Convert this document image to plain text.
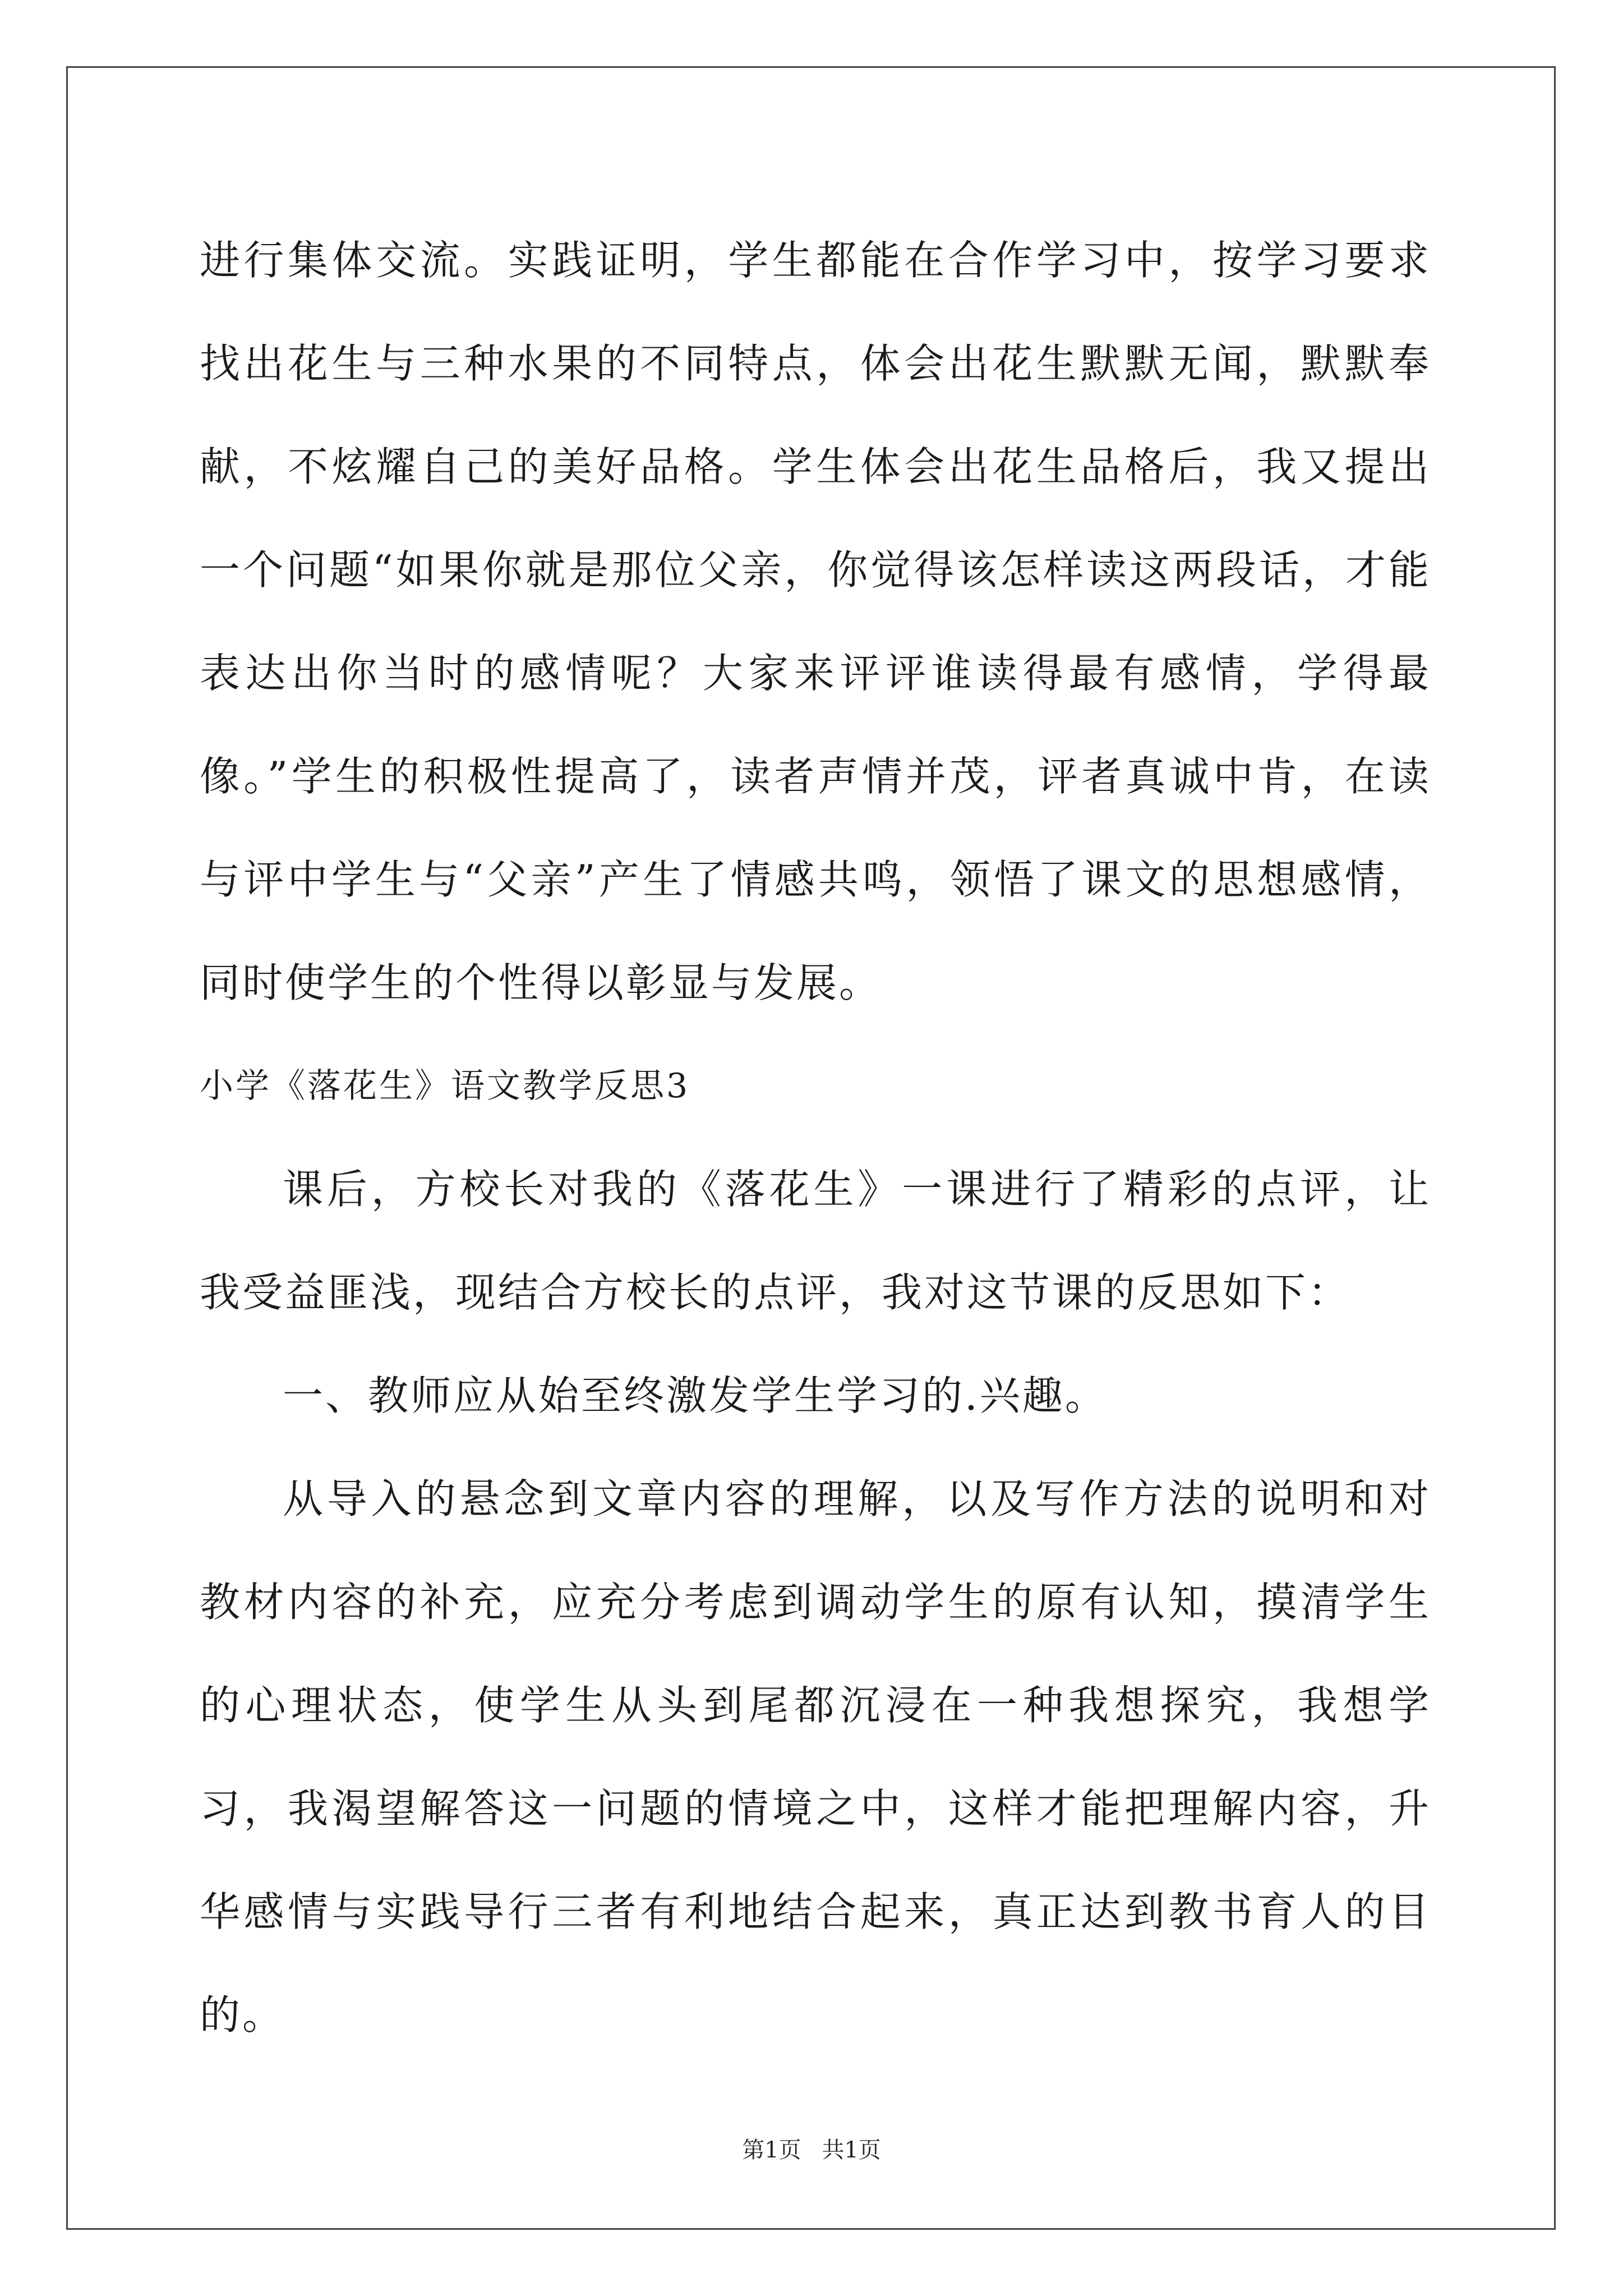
进行集体交流。实践证明，学生都能在合作学习中，按学习要求找出花生与三种水果的不同特点，体会出花生默默无闻，默默奉献，不炫耀自己的美好品格。学生体会出花生品格后，我又提出一个问题“如果你就是那位父亲，你觉得该怎样读这两段话，才能表达出你当时的感情呢？大家来评评谁读得最有感情，学得最像。”学生的积极性提高了，读者声情并茂，评者真诚中肯，在读与评中学生与“父亲”产生了情感共鸣，领悟了课文的思想感情，同时使学生的个性得以彰显与发展。

小学《落花生》语文教学反思3

课后，方校长对我的《落花生》一课进行了精彩的点评，让我受益匪浅，现结合方校长的点评，我对这节课的反思如下：

一、教师应从始至终激发学生学习的.兴趣。

从导入的悬念到文章内容的理解，以及写作方法的说明和对教材内容的补充，应充分考虑到调动学生的原有认知，摸清学生的心理状态，使学生从头到尾都沉浸在一种我想探究，我想学习，我渴望解答这一问题的情境之中，这样才能把理解内容，升华感情与实践导行三者有利地结合起来，真正达到教书育人的目的。

第1页 共1页
